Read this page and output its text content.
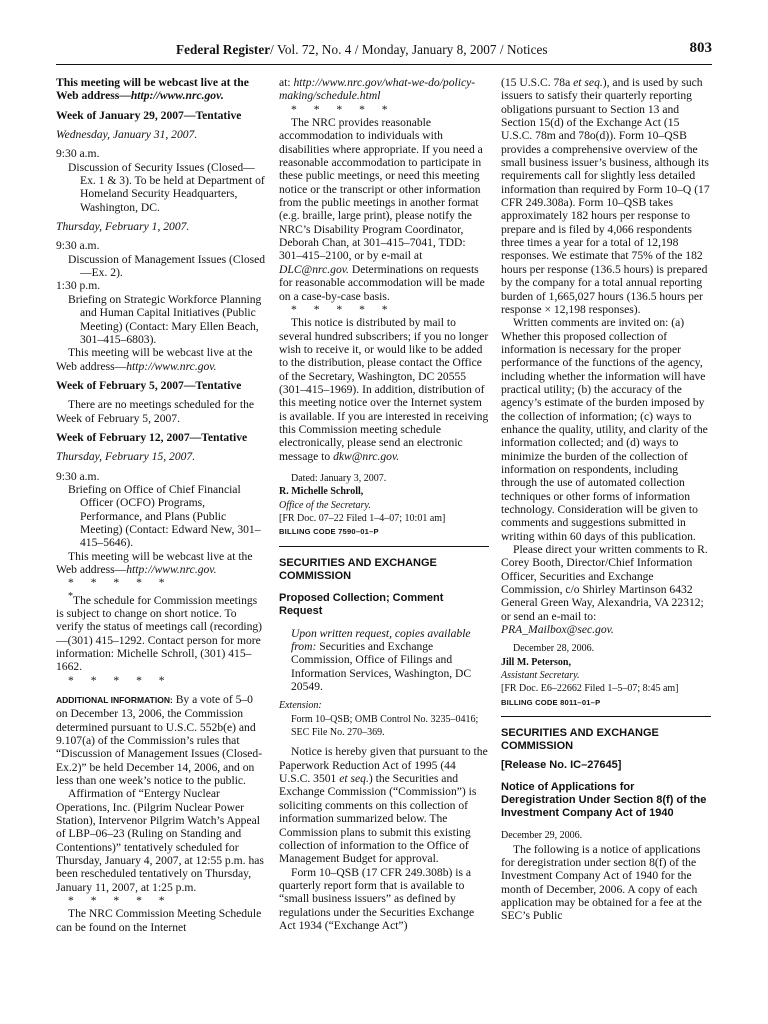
Federal Register/ Vol. 72, No. 4 / Monday, January 8, 2007 / Notices	803

This meeting will be webcast live at the Web address—http://www.nrc.gov.

Week of January 29, 2007—Tentative

Wednesday, January 31, 2007.

9:30 a.m.

Discussion of Security Issues (Closed—Ex. 1 & 3). To be held at Department of Homeland Security Headquarters, Washington, DC.

Thursday, February 1, 2007.

9:30 a.m.

Discussion of Management Issues (Closed—Ex. 2).

1:30 p.m.

Briefing on Strategic Workforce Planning and Human Capital Initiatives (Public Meeting) (Contact: Mary Ellen Beach, 301–415–6803).

This meeting will be webcast live at the Web address—http://www.nrc.gov.

Week of February 5, 2007—Tentative

There are no meetings scheduled for the Week of February 5, 2007.

Week of February 12, 2007—Tentative

Thursday, February 15, 2007.

9:30 a.m.

Briefing on Office of Chief Financial Officer (OCFO) Programs, Performance, and Plans (Public Meeting) (Contact: Edward New, 301–415–5646).

This meeting will be webcast live at the Web address—http://www.nrc.gov.

* * * * *

*The schedule for Commission meetings is subject to change on short notice. To verify the status of meetings call (recording)—(301) 415–1292. Contact person for more information: Michelle Schroll, (301) 415–1662.

* * * * *

ADDITIONAL INFORMATION: By a vote of 5–0 on December 13, 2006, the Commission determined pursuant to U.S.C. 552b(e) and 9.107(a) of the Commission’s rules that “Discussion of Management Issues (Closed-Ex.2)” be held December 14, 2006, and on less than one week’s notice to the public.

Affirmation of “Entergy Nuclear Operations, Inc. (Pilgrim Nuclear Power Station), Intervenor Pilgrim Watch’s Appeal of LBP–06–23 (Ruling on Standing and Contentions)” tentatively scheduled for Thursday, January 4, 2007, at 12:55 p.m. has been rescheduled tentatively on Thursday, January 11, 2007, at 1:25 p.m.

* * * * *

The NRC Commission Meeting Schedule can be found on the Internet

at: http://www.nrc.gov/what-we-do/policy-making/schedule.html

* * * * *

The NRC provides reasonable accommodation to individuals with disabilities where appropriate. If you need a reasonable accommodation to participate in these public meetings, or need this meeting notice or the transcript or other information from the public meetings in another format (e.g. braille, large print), please notify the NRC’s Disability Program Coordinator, Deborah Chan, at 301–415–7041, TDD: 301–415–2100, or by e-mail at DLC@nrc.gov. Determinations on requests for reasonable accommodation will be made on a case-by-case basis.

* * * * *

This notice is distributed by mail to several hundred subscribers; if you no longer wish to receive it, or would like to be added to the distribution, please contact the Office of the Secretary, Washington, DC 20555 (301–415–1969). In addition, distribution of this meeting notice over the Internet system is available. If you are interested in receiving this Commission meeting schedule electronically, please send an electronic message to dkw@nrc.gov.

Dated: January 3, 2007.

R. Michelle Schroll,

Office of the Secretary.

[FR Doc. 07–22 Filed 1–4–07; 10:01 am]

BILLING CODE 7590–01–P

SECURITIES AND EXCHANGE COMMISSION

Proposed Collection; Comment Request

Upon written request, copies available from: Securities and Exchange Commission, Office of Filings and Information Services, Washington, DC 20549.

Extension:

Form 10–QSB; OMB Control No. 3235–0416; SEC File No. 270–369.

Notice is hereby given that pursuant to the Paperwork Reduction Act of 1995 (44 U.S.C. 3501 et seq.) the Securities and Exchange Commission (“Commission”) is soliciting comments on this collection of information summarized below. The Commission plans to submit this existing collection of information to the Office of Management Budget for approval.

Form 10–QSB (17 CFR 249.308b) is a quarterly report form that is available to “small business issuers” as defined by regulations under the Securities Exchange Act 1934 (“Exchange Act”)

(15 U.S.C. 78a et seq.), and is used by such issuers to satisfy their quarterly reporting obligations pursuant to Section 13 and Section 15(d) of the Exchange Act (15 U.S.C. 78m and 78o(d)). Form 10–QSB provides a comprehensive overview of the small business issuer’s business, although its requirements call for slightly less detailed information than required by Form 10–Q (17 CFR 249.308a). Form 10–QSB takes approximately 182 hours per response to prepare and is filed by 4,066 respondents three times a year for a total of 12,198 responses. We estimate that 75% of the 182 hours per response (136.5 hours) is prepared by the company for a total annual reporting burden of 1,665,027 hours (136.5 hours per response × 12,198 responses).

Written comments are invited on: (a) Whether this proposed collection of information is necessary for the proper performance of the functions of the agency, including whether the information will have practical utility; (b) the accuracy of the agency’s estimate of the burden imposed by the collection of information; (c) ways to enhance the quality, utility, and clarity of the information collected; and (d) ways to minimize the burden of the collection of information on respondents, including through the use of automated collection techniques or other forms of information technology. Consideration will be given to comments and suggestions submitted in writing within 60 days of this publication.

Please direct your written comments to R. Corey Booth, Director/Chief Information Officer, Securities and Exchange Commission, c/o Shirley Martinson 6432 General Green Way, Alexandria, VA 22312; or send an e-mail to: PRA_Mailbox@sec.gov.

December 28, 2006.

Jill M. Peterson,

Assistant Secretary.

[FR Doc. E6–22662 Filed 1–5–07; 8:45 am]

BILLING CODE 8011–01–P

SECURITIES AND EXCHANGE COMMISSION

[Release No. IC–27645]

Notice of Applications for Deregistration Under Section 8(f) of the Investment Company Act of 1940

December 29, 2006.

The following is a notice of applications for deregistration under section 8(f) of the Investment Company Act of 1940 for the month of December, 2006. A copy of each application may be obtained for a fee at the SEC’s Public
